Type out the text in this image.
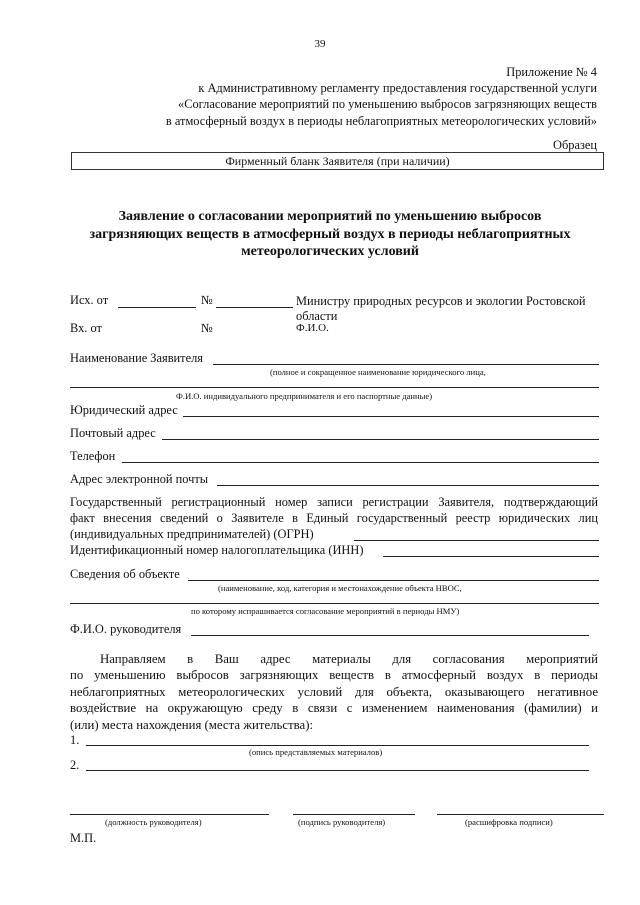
39
Приложение № 4
к Административному регламенту предоставления государственной услуги
«Согласование мероприятий по уменьшению выбросов загрязняющих веществ
в атмосферный воздух в периоды неблагоприятных метеорологических условий»
Образец
Фирменный бланк Заявителя (при наличии)
Заявление о согласовании мероприятий по уменьшению выбросов
загрязняющих веществ в атмосферный воздух в периоды неблагоприятных
метеорологических условий
Исх. от	№	Министру природных ресурсов и экологии Ростовской
области
Вх. от	№	Ф.И.О.
Наименование Заявителя
(полное и сокращенное наименование юридического лица,
Ф.И.О. индивидуального предпринимателя и его паспортные данные)
Юридический адрес
Почтовый адрес
Телефон
Адрес электронной почты
Государственный регистрационный номер записи регистрации Заявителя, подтверждающий
факт внесения сведений о Заявителе в Единый государственный реестр юридических лиц
(индивидуальных предпринимателей) (ОГРН)
Идентификационный номер налогоплательщика (ИНН)
Сведения об объекте
(наименование, код, категория и местонахождение объекта НВОС,
по которому испрашивается согласование мероприятий в периоды НМУ)
Ф.И.О. руководителя
Направляем в Ваш адрес материалы для согласования мероприятий
по уменьшению выбросов загрязняющих веществ в атмосферный воздух в периоды
неблагоприятных метеорологических условий для объекта, оказывающего негативное
воздействие на окружающую среду в связи с изменением наименования (фамилии) и
(или) места нахождения (места жительства):
1.
(опись представляемых материалов)
2.
(должность руководителя)	(подпись руководителя)	(расшифровка подписи)
М.П.
